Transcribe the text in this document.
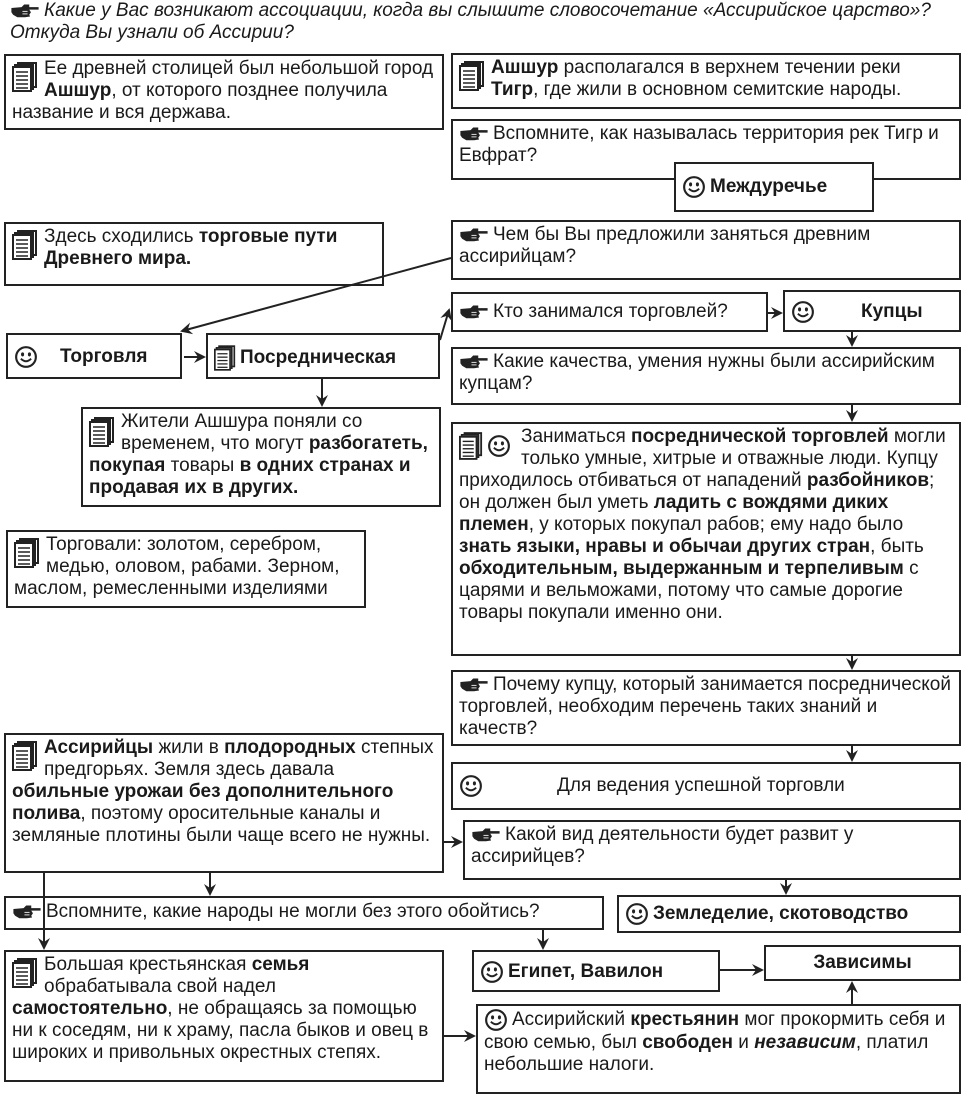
Какие у Вас возникают ассоциации, когда вы слышите словосочетание «Ассирийское царство»? Откуда Вы узнали об Ассирии?
Ее древней столицей был небольшой город Ашшур, от которого позднее получила название и вся держава.
Ашшур располагался в верхнем течении реки Тигр, где жили в основном семитские народы.
Вспомните, как называлась территория рек Тигр и Евфрат?
Междуречье
Здесь сходились торговые пути Древнего мира.
Чем бы Вы предложили заняться древним ассирийцам?
Кто занимался торговлей?	Купцы
Торговля	Посредническая	Какие качества, умения нужны были ассирийским купцам?
Жители Ашшура поняли со временем, что могут разбогатеть, покупая товары в одних странах и продавая их в других.
Заниматься посреднической торговлей могли только умные, хитрые и отважные люди. Купцу приходилось отбиваться от нападений разбойников; он должен был уметь ладить с вождями диких племен, у которых покупал рабов; ему надо было знать языки, нравы и обычаи других стран, быть обходительным, выдержанным и терпеливым с царями и вельможами, потому что самые дорогие товары покупали именно они.
Торговали: золотом, серебром, медью, оловом, рабами. Зерном, маслом, ремесленными изделиями
Почему купцу, который занимается посреднической торговлей, необходим перечень таких знаний и качеств?
Ассирийцы жили в плодородных степных предгорьях. Земля здесь давала обильные урожаи без дополнительного полива, поэтому оросительные каналы и земляные плотины были чаще всего не нужны.
Для ведения успешной торговли
Какой вид деятельности будет развит у ассирийцев?
Вспомните, какие народы не могли без этого обойтись?	Земледелие, скотоводство
Большая крестьянская семья обрабатывала свой надел самостоятельно, не обращаясь за помощью ни к соседям, ни к храму, пасла быков и овец в широких и привольных окрестных степях.
Египет, Вавилон	Зависимы
Ассирийский крестьянин мог прокормить себя и свою семью, был свободен и независим, платил небольшие налоги.
